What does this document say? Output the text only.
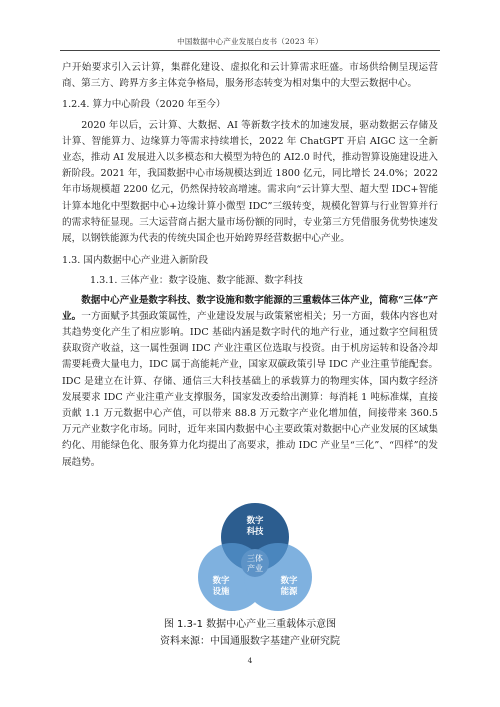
中国数据中心产业发展白皮书（2023 年）

户开始要求引入云计算，集群化建设、虚拟化和云计算需求旺盛。市场供给侧呈现运营商、第三方、跨界方多主体竞争格局，服务形态转变为相对集中的大型云数据中心。

1.2.4. 算力中心阶段（2020 年至今）

2020 年以后，云计算、大数据、AI 等新数字技术的加速发展，驱动数据云存储及计算、智能算力、边缘算力等需求持续增长，2022 年 ChatGPT 开启 AIGC 这一全新业态，推动 AI 发展进入以多模态和大模型为特色的 AI2.0 时代，推动智算设施建设进入新阶段。2021 年，我国数据中心市场规模达到近 1800 亿元，同比增长 24.0%；2022 年市场规模超 2200 亿元，仍然保持较高增速。需求向“云计算大型、超大型 IDC+智能计算本地化中型数据中心+边缘计算小微型 IDC”三级转变，规模化智算与行业智算并行的需求特征显现。三大运营商占据大量市场份额的同时，专业第三方凭借服务优势快速发展，以钢铁能源为代表的传统央国企也开始跨界经营数据中心产业。

1.3. 国内数据中心产业进入新阶段
1.3.1. 三体产业：数字设施、数字能源、数字科技

数据中心产业是数字科技、数字设施和数字能源的三重载体三体产业，简称“三体”产业。一方面赋予其强政策属性，产业建设发展与政策紧密相关；另一方面，载体内容也对其趋势变化产生了相应影响。IDC 基础内涵是数字时代的地产行业，通过数字空间租赁获取资产收益，这一属性强调 IDC 产业注重区位选取与投资。由于机房运转和设备冷却需要耗费大量电力，IDC 属于高能耗产业，国家双碳政策引导 IDC 产业注重节能配套。IDC 是建立在计算、存储、通信三大科技基础上的承载算力的物理实体，国内数字经济发展要求 IDC 产业注重产业支撑服务，国家发改委给出测算：每消耗 1 吨标准煤，直接贡献 1.1 万元数据中心产值，可以带来 88.8 万元数字产业化增加值，间接带来 360.5 万元产业数字化市场。同时，近年来国内数据中心主要政策对数据中心产业发展的区域集约化、用能绿色化、服务算力化均提出了高要求，推动 IDC 产业呈“三化”、“四样”的发展趋势。

数字
科技
数字
设施
数字
能源
三体
产业
图 1.3-1 数据中心产业三重载体示意图
资料来源：中国通服数字基建产业研究院
4
